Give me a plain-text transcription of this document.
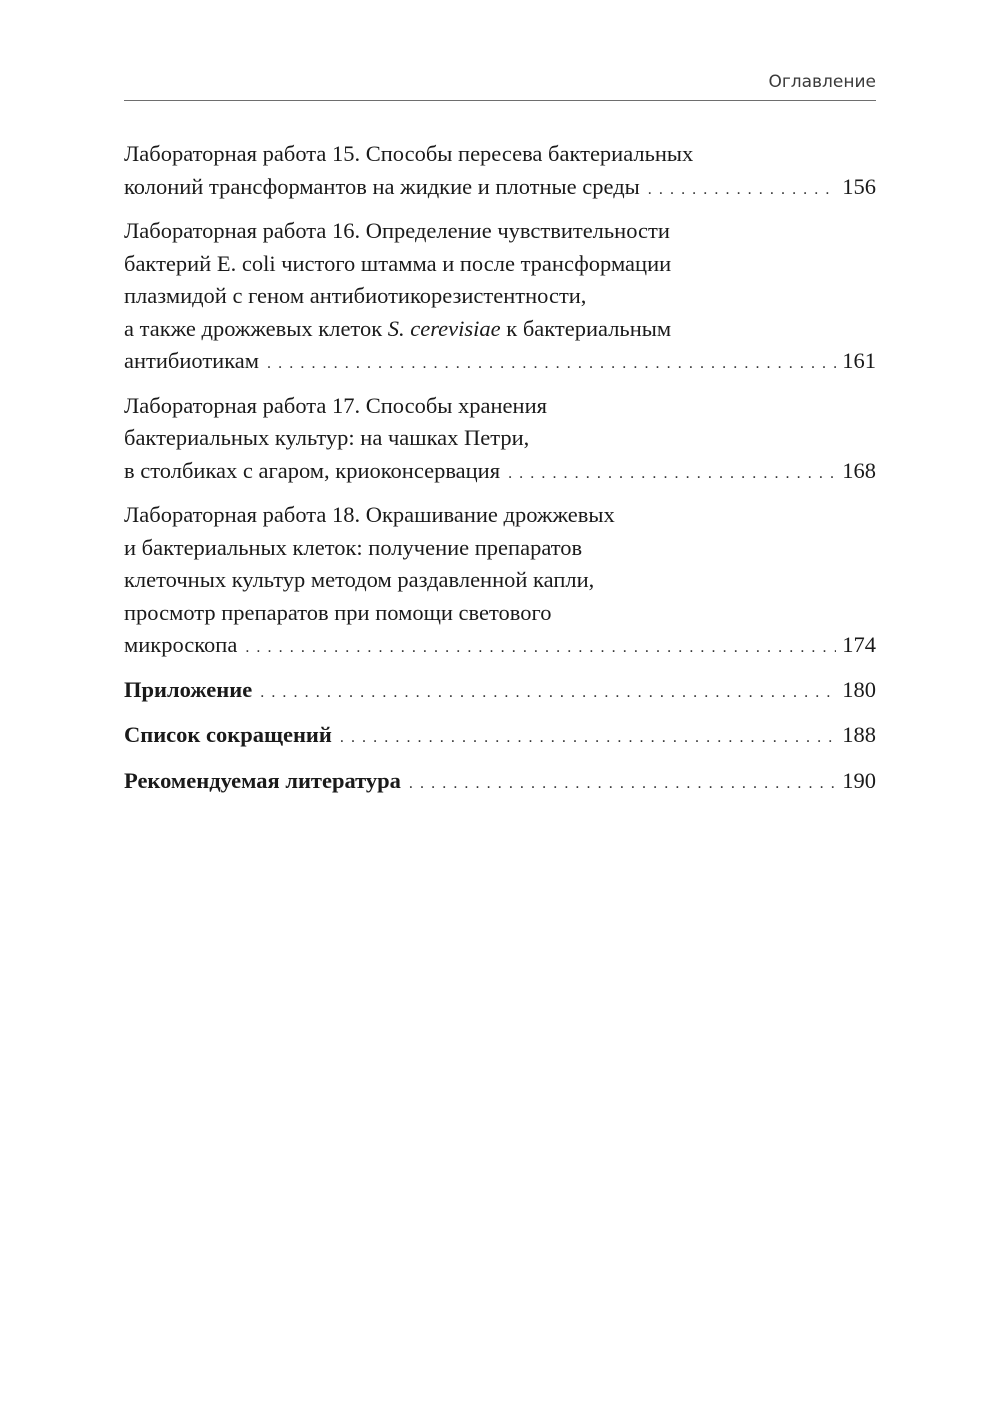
Оглавление
Лабораторная работа 15. Способы пересева бактериальных
колоний трансформантов на жидкие и плотные среды .....	156
Лабораторная работа 16. Определение чувствительности
бактерий E. coli чистого штамма и после трансформации
плазмидой с геном антибиотикорезистентности,
а также дрожжевых клеток S. cerevisiae к бактериальным
антибиотикам .....	161
Лабораторная работа 17. Способы хранения
бактериальных культур: на чашках Петри,
в столбиках с агаром, криоконсервация .....	168
Лабораторная работа 18. Окрашивание дрожжевых
и бактериальных клеток: получение препаратов
клеточных культур методом раздавленной капли,
просмотр препаратов при помощи светового
микроскопа .....	174
Приложение .....	180
Список сокращений .....	188
Рекомендуемая литература .....	190
